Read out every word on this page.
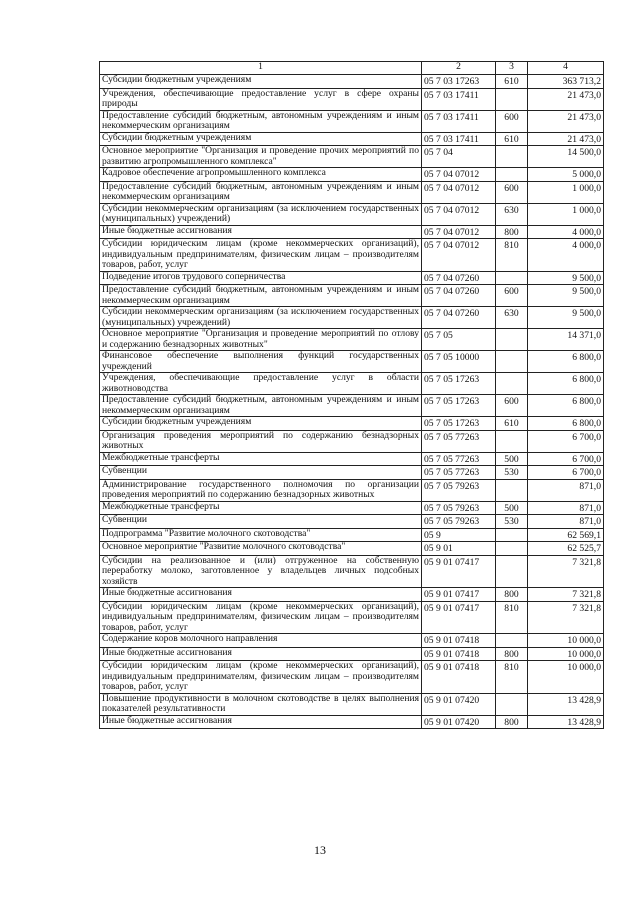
1	2	3	4
Субсидии бюджетным учреждениям	05 7 03 17263	610	363 713,2
Учреждения, обеспечивающие предоставление услуг в сфере охраны природы	05 7 03 17411		21 473,0
Предоставление субсидий бюджетным, автономным учреждениям и иным некоммерческим организациям	05 7 03 17411	600	21 473,0
Субсидии бюджетным учреждениям	05 7 03 17411	610	21 473,0
Основное мероприятие "Организация и проведение прочих мероприятий по развитию агропромышленного комплекса"	05 7 04		14 500,0
Кадровое обеспечение агропромышленного комплекса	05 7 04 07012		5 000,0
Предоставление субсидий бюджетным, автономным учреждениям и иным некоммерческим организациям	05 7 04 07012	600	1 000,0
Субсидии некоммерческим организациям (за исключением государственных (муниципальных) учреждений)	05 7 04 07012	630	1 000,0
Иные бюджетные ассигнования	05 7 04 07012	800	4 000,0
Субсидии юридическим лицам (кроме некоммерческих организаций), индивидуальным предпринимателям, физическим лицам – производителям товаров, работ, услуг	05 7 04 07012	810	4 000,0
Подведение итогов трудового соперничества	05 7 04 07260		9 500,0
Предоставление субсидий бюджетным, автономным учреждениям и иным некоммерческим организациям	05 7 04 07260	600	9 500,0
Субсидии некоммерческим организациям (за исключением государственных (муниципальных) учреждений)	05 7 04 07260	630	9 500,0
Основное мероприятие "Организация и проведение мероприятий по отлову и содержанию безнадзорных животных"	05 7 05		14 371,0
Финансовое обеспечение выполнения функций государственных учреждений	05 7 05 10000		6 800,0
Учреждения, обеспечивающие предоставление услуг в области животноводства	05 7 05 17263		6 800,0
Предоставление субсидий бюджетным, автономным учреждениям и иным некоммерческим организациям	05 7 05 17263	600	6 800,0
Субсидии бюджетным учреждениям	05 7 05 17263	610	6 800,0
Организация проведения мероприятий по содержанию безнадзорных животных	05 7 05 77263		6 700,0
Межбюджетные трансферты	05 7 05 77263	500	6 700,0
Субвенции	05 7 05 77263	530	6 700,0
Администрирование государственного полномочия по организации проведения мероприятий по содержанию безнадзорных животных	05 7 05 79263		871,0
Межбюджетные трансферты	05 7 05 79263	500	871,0
Субвенции	05 7 05 79263	530	871,0
Подпрограмма "Развитие молочного скотоводства"	05 9		62 569,1
Основное мероприятие "Развитие молочного скотоводства"	05 9 01		62 525,7
Субсидии на реализованное и (или) отгруженное на собственную переработку молоко, заготовленное у владельцев личных подсобных хозяйств	05 9 01 07417		7 321,8
Иные бюджетные ассигнования	05 9 01 07417	800	7 321,8
Субсидии юридическим лицам (кроме некоммерческих организаций), индивидуальным предпринимателям, физическим лицам – производителям товаров, работ, услуг	05 9 01 07417	810	7 321,8
Содержание коров молочного направления	05 9 01 07418		10 000,0
Иные бюджетные ассигнования	05 9 01 07418	800	10 000,0
Субсидии юридическим лицам (кроме некоммерческих организаций), индивидуальным предпринимателям, физическим лицам – производителям товаров, работ, услуг	05 9 01 07418	810	10 000,0
Повышение продуктивности в молочном скотоводстве в целях выполнения показателей результативности	05 9 01 07420		13 428,9
Иные бюджетные ассигнования	05 9 01 07420	800	13 428,9
13
